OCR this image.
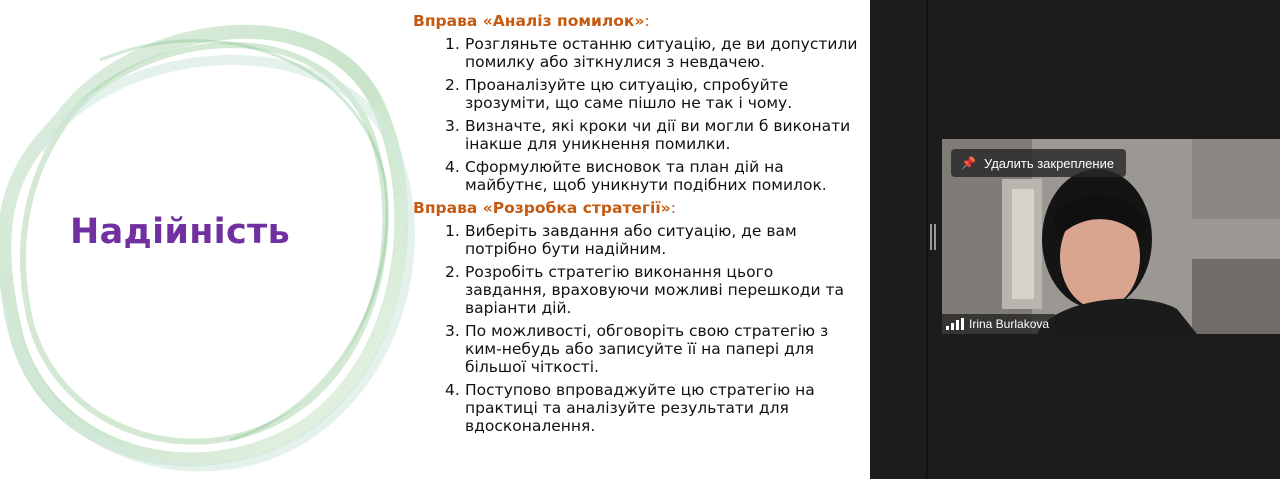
Надійність
Вправа «Аналіз помилок»:
1. Розгляньте останню ситуацію, де ви допустили помилку або зіткнулися з невдачею.
2. Проаналізуйте цю ситуацію, спробуйте зрозуміти, що саме пішло не так і чому.
3. Визначте, які кроки чи дії ви могли б виконати інакше для уникнення помилки.
4. Сформулюйте висновок та план дій на майбутнє, щоб уникнути подібних помилок.
Вправа «Розробка стратегії»:
1. Виберіть завдання або ситуацію, де вам потрібно бути надійним.
2. Розробіть стратегію виконання цього завдання, враховуючи можливі перешкоди та варіанти дій.
3. По можливості, обговоріть свою стратегію з ким-небудь або записуйте її на папері для більшої чіткості.
4. Поступово впроваджуйте цю стратегію на практиці та аналізуйте результати для вдосконалення.
📌 Удалить закрепление
Irina Burlakova
